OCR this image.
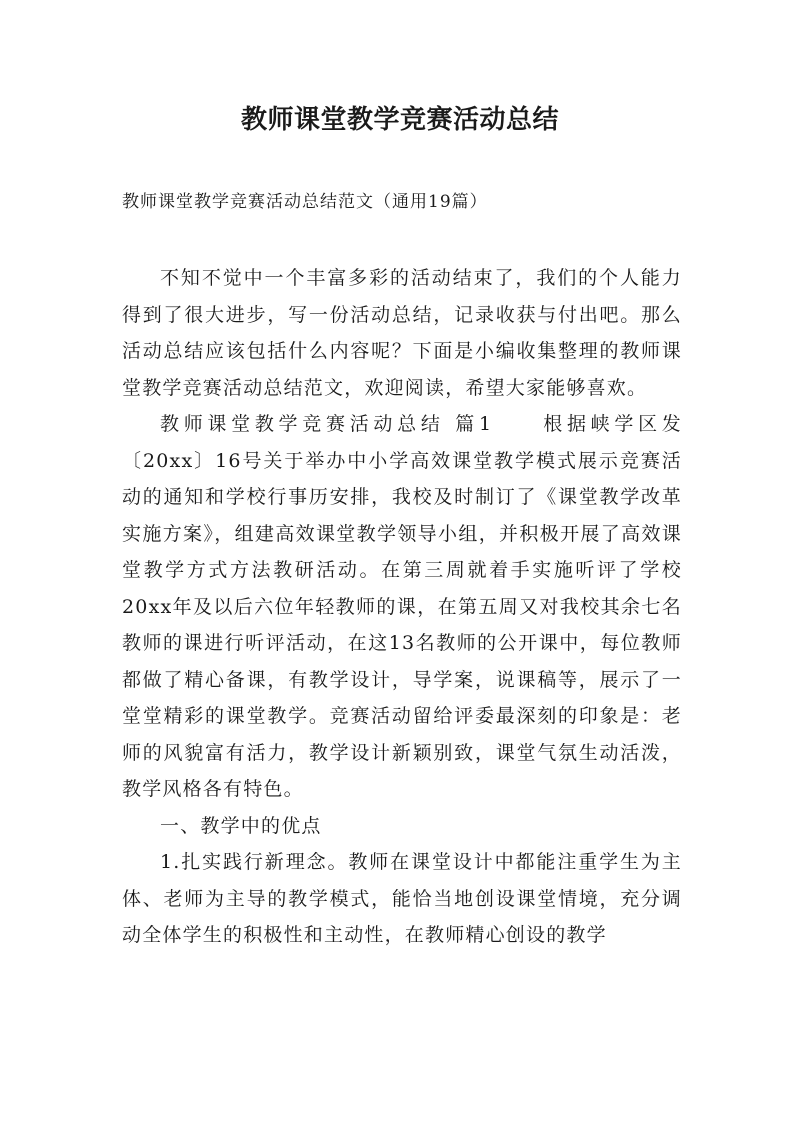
教师课堂教学竞赛活动总结

教师课堂教学竞赛活动总结范文（通用19篇）

不知不觉中一个丰富多彩的活动结束了，我们的个人能力得到了很大进步，写一份活动总结，记录收获与付出吧。那么活动总结应该包括什么内容呢？下面是小编收集整理的教师课堂教学竞赛活动总结范文，欢迎阅读，希望大家能够喜欢。

教师课堂教学竞赛活动总结 篇1　　根据峡学区发〔20xx〕16号关于举办中小学高效课堂教学模式展示竞赛活动的通知和学校行事历安排，我校及时制订了《课堂教学改革实施方案》，组建高效课堂教学领导小组，并积极开展了高效课堂教学方式方法教研活动。在第三周就着手实施听评了学校20xx年及以后六位年轻教师的课，在第五周又对我校其余七名教师的课进行听评活动，在这13名教师的公开课中，每位教师都做了精心备课，有教学设计，导学案，说课稿等，展示了一堂堂精彩的课堂教学。竞赛活动留给评委最深刻的印象是：老师的风貌富有活力，教学设计新颖别致，课堂气氛生动活泼，教学风格各有特色。

一、教学中的优点

1.扎实践行新理念。教师在课堂设计中都能注重学生为主体、老师为主导的教学模式，能恰当地创设课堂情境，充分调动全体学生的积极性和主动性，在教师精心创设的教学
